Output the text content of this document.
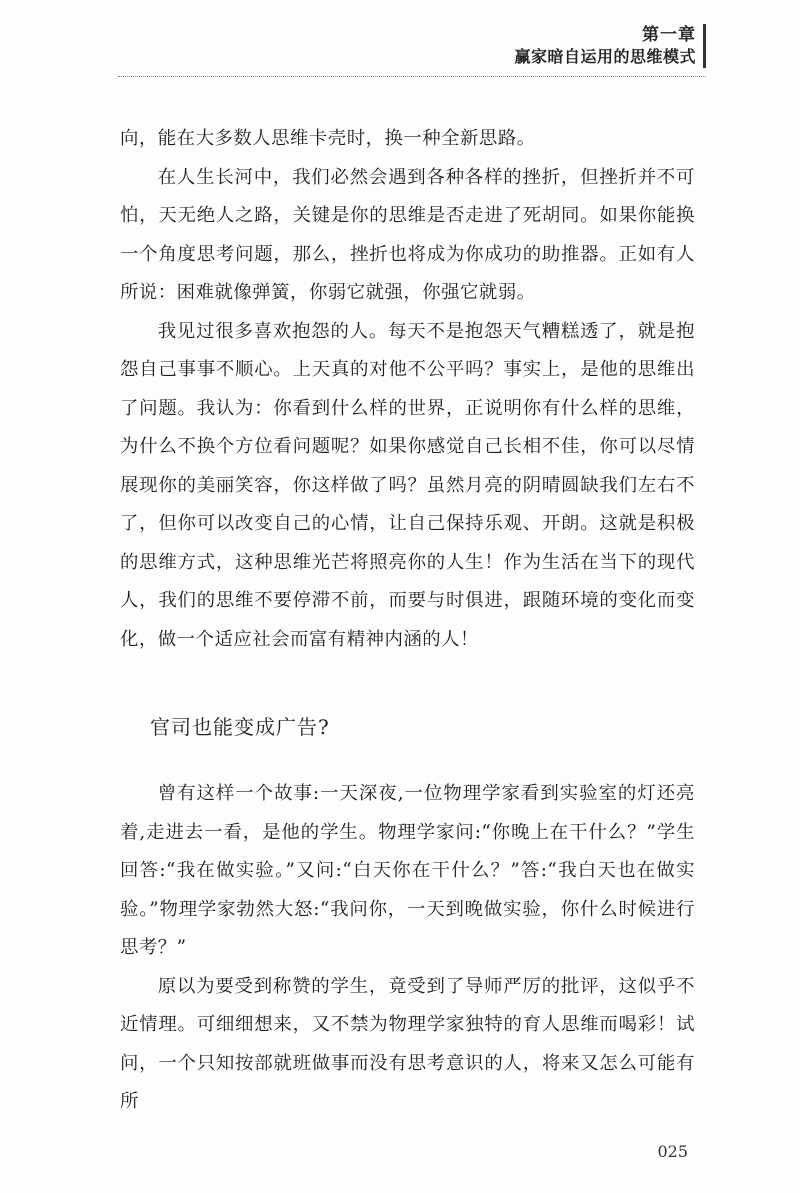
第一章
赢家暗自运用的思维模式

向，能在大多数人思维卡壳时，换一种全新思路。

在人生长河中，我们必然会遇到各种各样的挫折，但挫折并不可怕，天无绝人之路，关键是你的思维是否走进了死胡同。如果你能换一个角度思考问题，那么，挫折也将成为你成功的助推器。正如有人所说：困难就像弹簧，你弱它就强，你强它就弱。

我见过很多喜欢抱怨的人。每天不是抱怨天气糟糕透了，就是抱怨自己事事不顺心。上天真的对他不公平吗？事实上，是他的思维出了问题。我认为：你看到什么样的世界，正说明你有什么样的思维，为什么不换个方位看问题呢？如果你感觉自己长相不佳，你可以尽情展现你的美丽笑容，你这样做了吗？虽然月亮的阴晴圆缺我们左右不了，但你可以改变自己的心情，让自己保持乐观、开朗。这就是积极的思维方式，这种思维光芒将照亮你的人生！作为生活在当下的现代人，我们的思维不要停滞不前，而要与时俱进，跟随环境的变化而变化，做一个适应社会而富有精神内涵的人！

官司也能变成广告?

曾有这样一个故事:一天深夜,一位物理学家看到实验室的灯还亮着,走进去一看，是他的学生。物理学家问:“你晚上在干什么？”学生回答:“我在做实验。”又问:“白天你在干什么？”答:“我白天也在做实验。”物理学家勃然大怒:“我问你，一天到晚做实验，你什么时候进行思考？”

原以为要受到称赞的学生，竟受到了导师严厉的批评，这似乎不近情理。可细细想来，又不禁为物理学家独特的育人思维而喝彩！试问，一个只知按部就班做事而没有思考意识的人，将来又怎么可能有所

025
